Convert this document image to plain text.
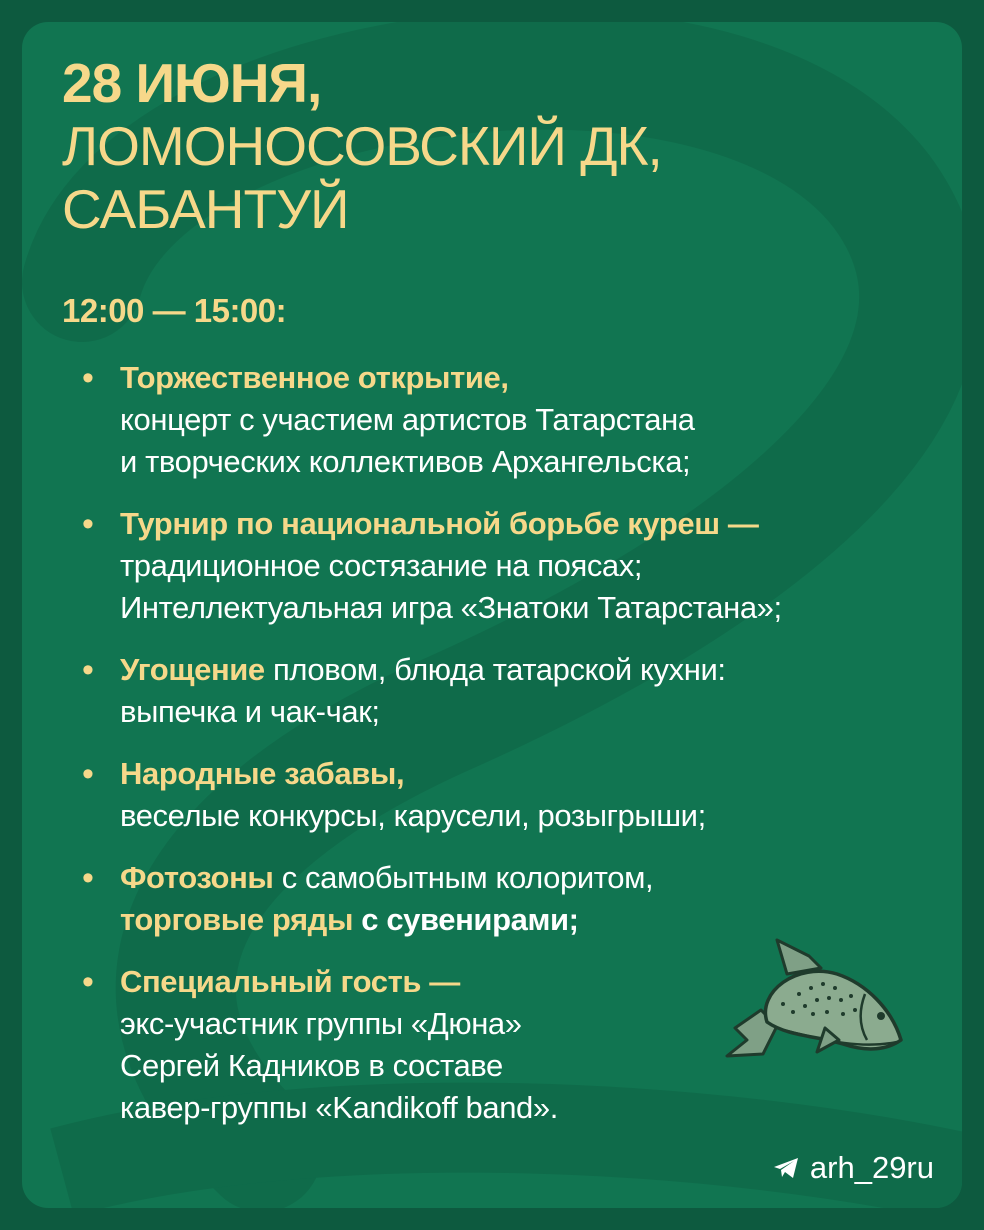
28 ИЮНЯ,
ЛОМОНОСОВСКИЙ ДК,
САБАНТУЙ
12:00 — 15:00:
• Торжественное открытие,
концерт с участием артистов Татарстана
и творческих коллективов Архангельска;
• Турнир по национальной борьбе куреш —
традиционное состязание на поясах;
Интеллектуальная игра «Знатоки Татарстана»;
• Угощение пловом, блюда татарской кухни:
выпечка и чак-чак;
• Народные забавы,
веселые конкурсы, карусели, розыгрыши;
• Фотозоны с самобытным колоритом,
торговые ряды с сувенирами;
• Специальный гость —
экс-участник группы «Дюна»
Сергей Кадников в составе
кавер-группы «Kandikoff band».
arh_29ru
